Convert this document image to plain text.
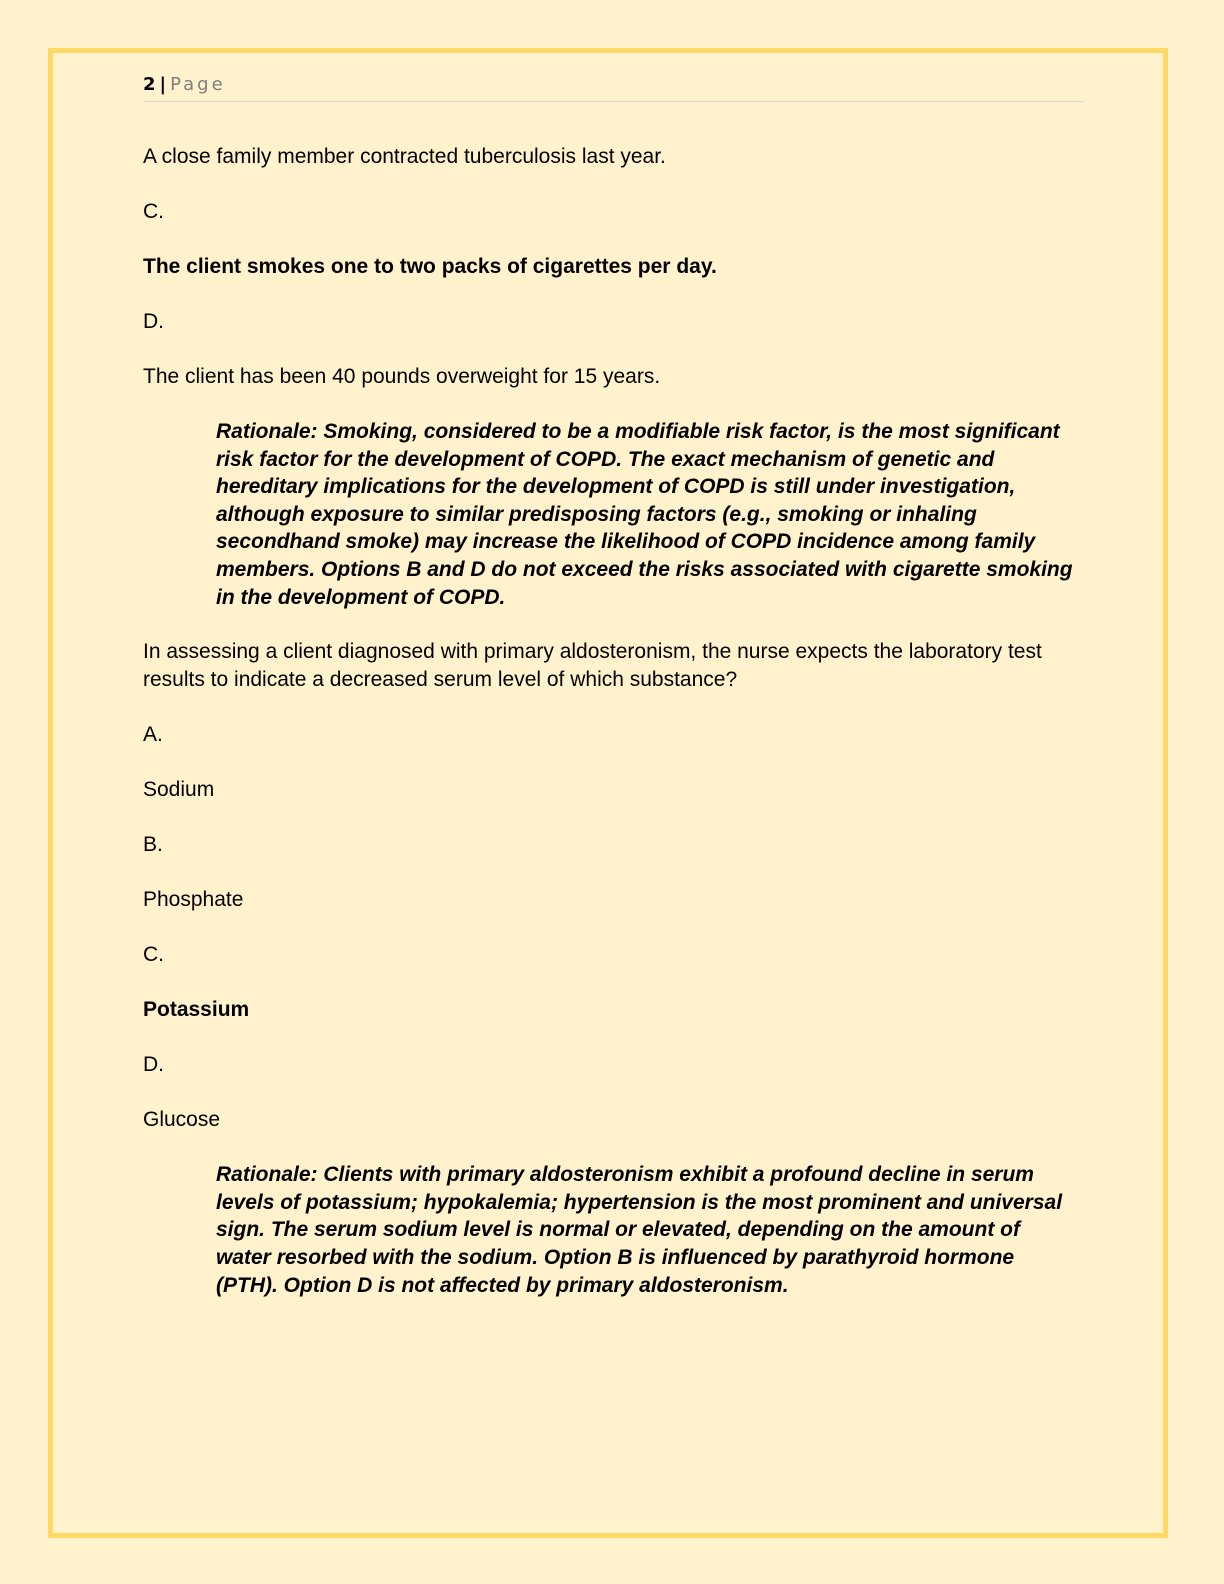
2 | Page
A close family member contracted tuberculosis last year.
C.
The client smokes one to two packs of cigarettes per day.
D.
The client has been 40 pounds overweight for 15 years.
Rationale: Smoking, considered to be a modifiable risk factor, is the most significant risk factor for the development of COPD. The exact mechanism of genetic and hereditary implications for the development of COPD is still under investigation, although exposure to similar predisposing factors (e.g., smoking or inhaling secondhand smoke) may increase the likelihood of COPD incidence among family members. Options B and D do not exceed the risks associated with cigarette smoking in the development of COPD.
In assessing a client diagnosed with primary aldosteronism, the nurse expects the laboratory test results to indicate a decreased serum level of which substance?
A.
Sodium
B.
Phosphate
C.
Potassium
D.
Glucose
Rationale: Clients with primary aldosteronism exhibit a profound decline in serum levels of potassium; hypokalemia; hypertension is the most prominent and universal sign. The serum sodium level is normal or elevated, depending on the amount of water resorbed with the sodium. Option B is influenced by parathyroid hormone (PTH). Option D is not affected by primary aldosteronism.
